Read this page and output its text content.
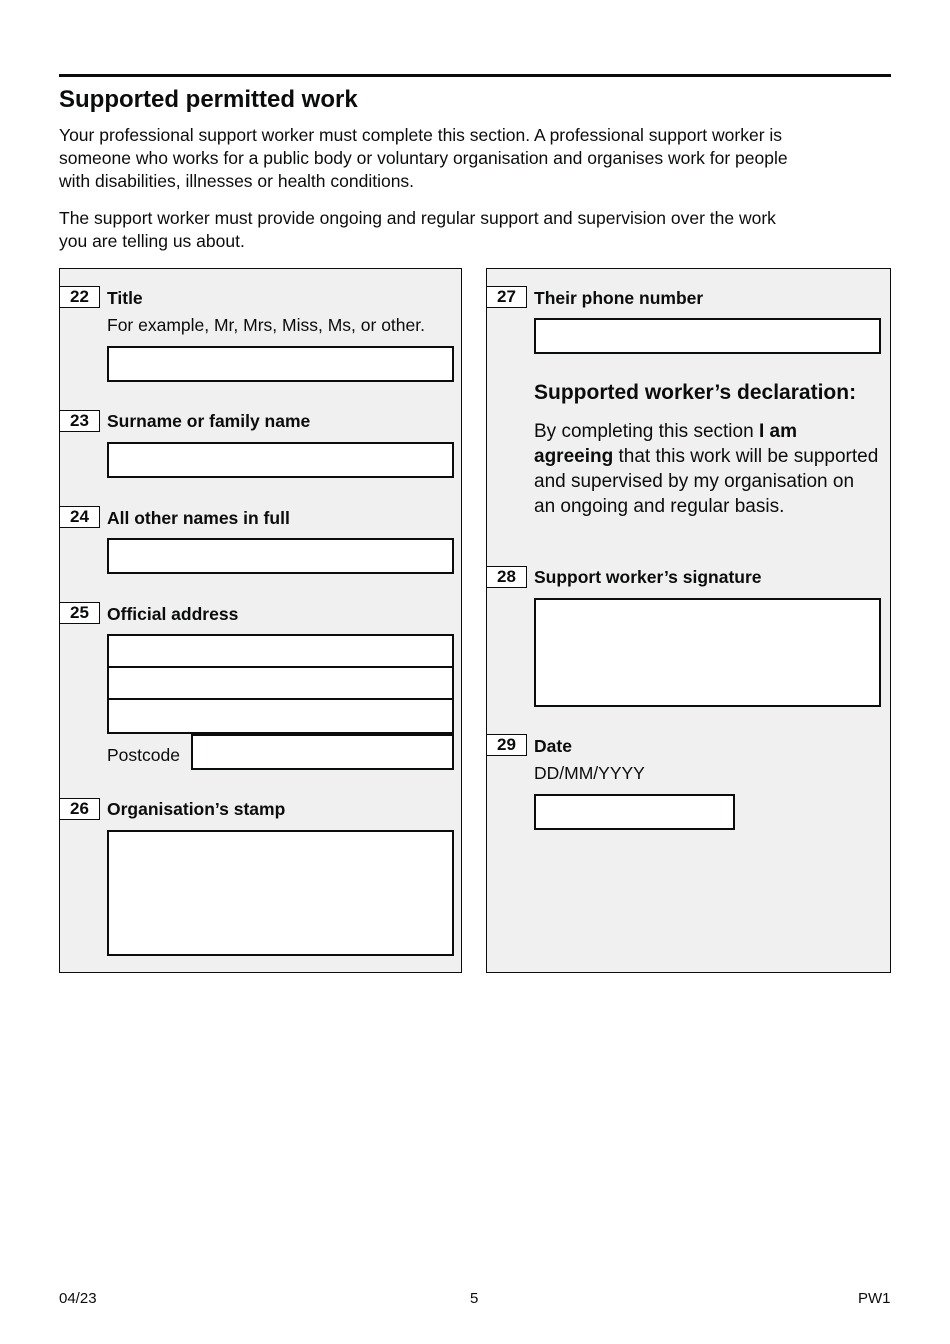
Supported permitted work

Your professional support worker must complete this section. A professional support worker is someone who works for a public body or voluntary organisation and organises work for people with disabilities, illnesses or health conditions.

The support worker must provide ongoing and regular support and supervision over the work you are telling us about.

22	Title
For example, Mr, Mrs, Miss, Ms, or other.
23	Surname or family name
24	All other names in full
25	Official address
Postcode
26	Organisation’s stamp
27	Their phone number
Supported worker’s declaration:

By completing this section I am agreeing that this work will be supported and supervised by my organisation on an ongoing and regular basis.

28	Support worker’s signature
29	Date
DD/MM/YYYY
04/23	5	PW1
